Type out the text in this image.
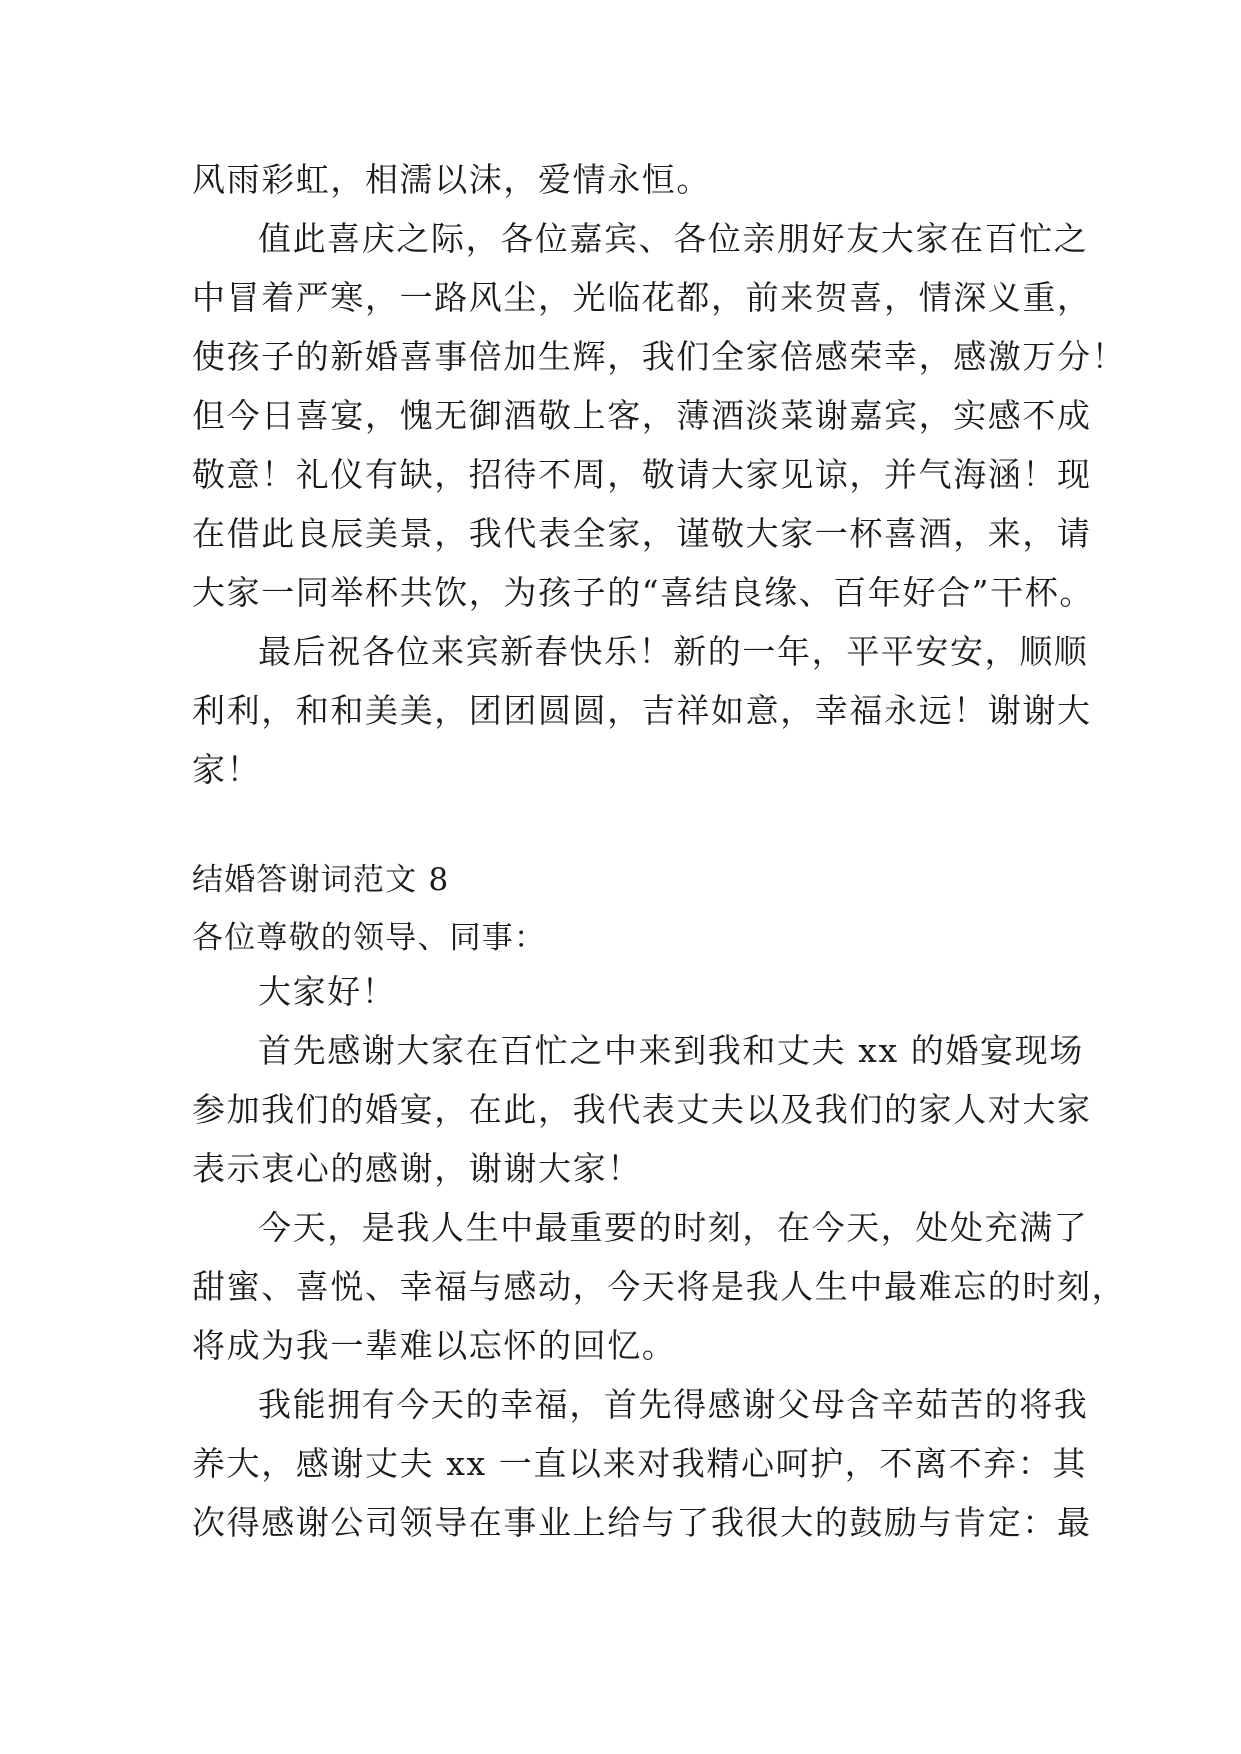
风雨彩虹，相濡以沫，爱情永恒。
值此喜庆之际，各位嘉宾、各位亲朋好友大家在百忙之
中冒着严寒，一路风尘，光临花都，前来贺喜，情深义重，
使孩子的新婚喜事倍加生辉，我们全家倍感荣幸，感激万分！
但今日喜宴，愧无御酒敬上客，薄酒淡菜谢嘉宾，实感不成
敬意！礼仪有缺，招待不周，敬请大家见谅，并气海涵！现
在借此良辰美景，我代表全家，谨敬大家一杯喜酒，来，请
大家一同举杯共饮，为孩子的“喜结良缘、百年好合”干杯。
最后祝各位来宾新春快乐！新的一年，平平安安，顺顺
利利，和和美美，团团圆圆，吉祥如意，幸福永远！谢谢大
家！
结婚答谢词范文 8
各位尊敬的领导、同事：
大家好！
首先感谢大家在百忙之中来到我和丈夫 xx 的婚宴现场
参加我们的婚宴，在此，我代表丈夫以及我们的家人对大家
表示衷心的感谢，谢谢大家！
今天，是我人生中最重要的时刻，在今天，处处充满了
甜蜜、喜悦、幸福与感动，今天将是我人生中最难忘的时刻，
将成为我一辈难以忘怀的回忆。
我能拥有今天的幸福，首先得感谢父母含辛茹苦的将我
养大，感谢丈夫 xx 一直以来对我精心呵护，不离不弃：其
次得感谢公司领导在事业上给与了我很大的鼓励与肯定：最
